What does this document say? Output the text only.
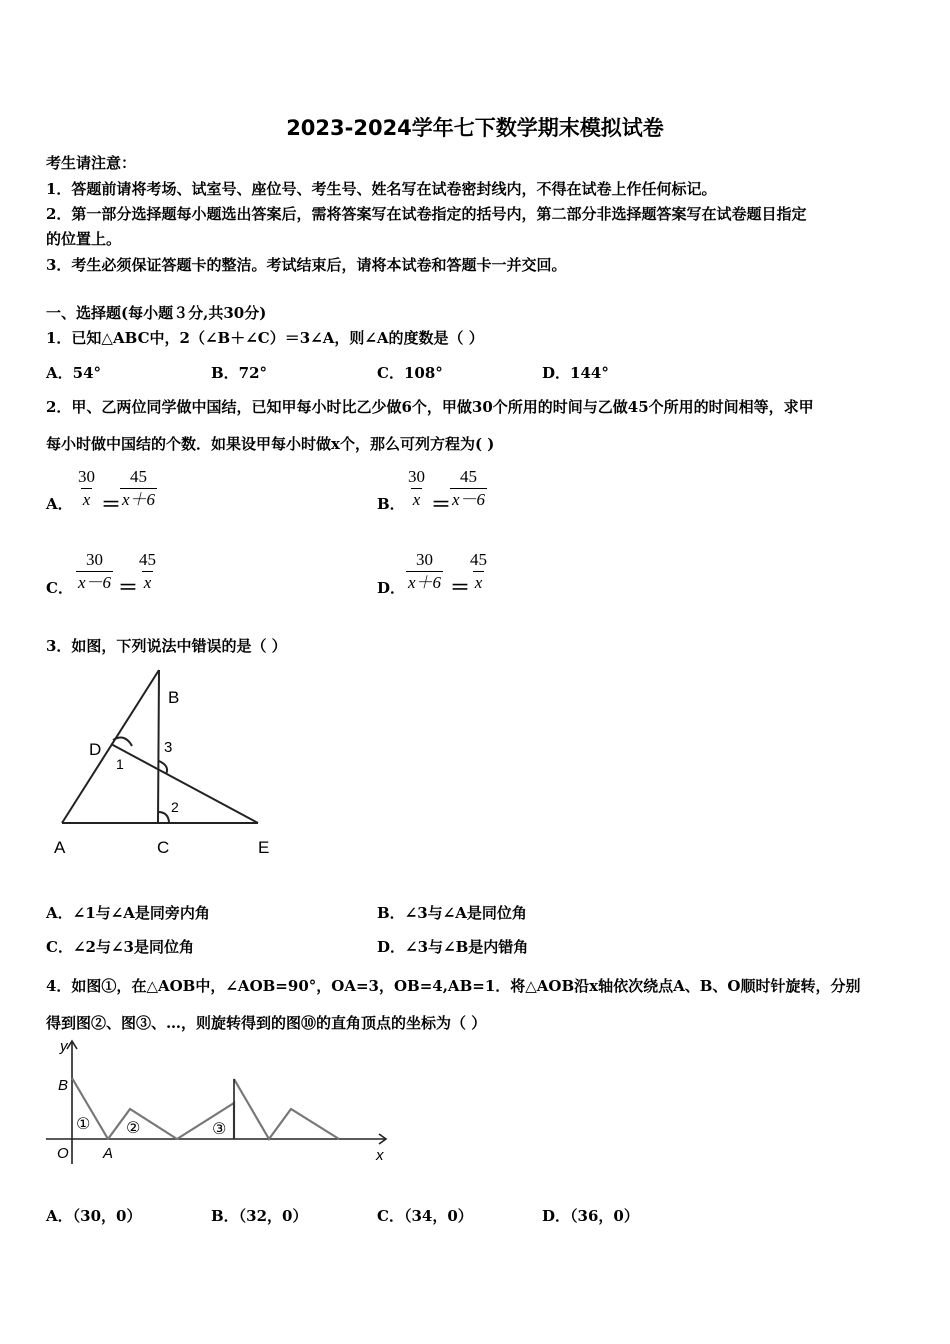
2023-2024学年七下数学期末模拟试卷
考生请注意：
1．答题前请将考场、试室号、座位号、考生号、姓名写在试卷密封线内，不得在试卷上作任何标记。
2．第一部分选择题每小题选出答案后，需将答案写在试卷指定的括号内，第二部分非选择题答案写在试卷题目指定
的位置上。
3．考生必须保证答题卡的整洁。考试结束后，请将本试卷和答题卡一并交回。
一、选择题(每小题３分,共30分)
1．已知△ABC中，2（∠B＋∠C）＝3∠A，则∠A的度数是（ ）
A．54°	B．72°	C．108°	D．144°
2．甲、乙两位同学做中国结，已知甲每小时比乙少做6个，甲做30个所用的时间与乙做45个所用的时间相等，求甲
每小时做中国结的个数．如果设甲每小时做x个，那么可列方程为( )
A． $\frac{30}{x} = \frac{45}{x+6}$	B． $\frac{30}{x} = \frac{45}{x-6}$
C． $\frac{30}{x-6} = \frac{45}{x}$	D． $\frac{30}{x+6}$ ＝
$\frac{45}{x}$
3．如图，下列说法中错误的是（ ）
A
B
C
D
E
1
2
3
A．∠1与∠A是同旁内角	B．∠3与∠A是同位角
C．∠2与∠3是同位角	D．∠3与∠B是内错角
4．如图①，在△AOB中，∠AOB=90°，OA=3，OB=4,AB=1．将△AOB沿x轴依次绕点A、B、O顺时针旋转，分别
得到图②、图③、…，则旋转得到的图⑩的直角顶点的坐标为（ ）
y
x
O A
B
① ②	③
A．（30，0）	B．（32，0）	C．（34，0）	D．（36，0）
